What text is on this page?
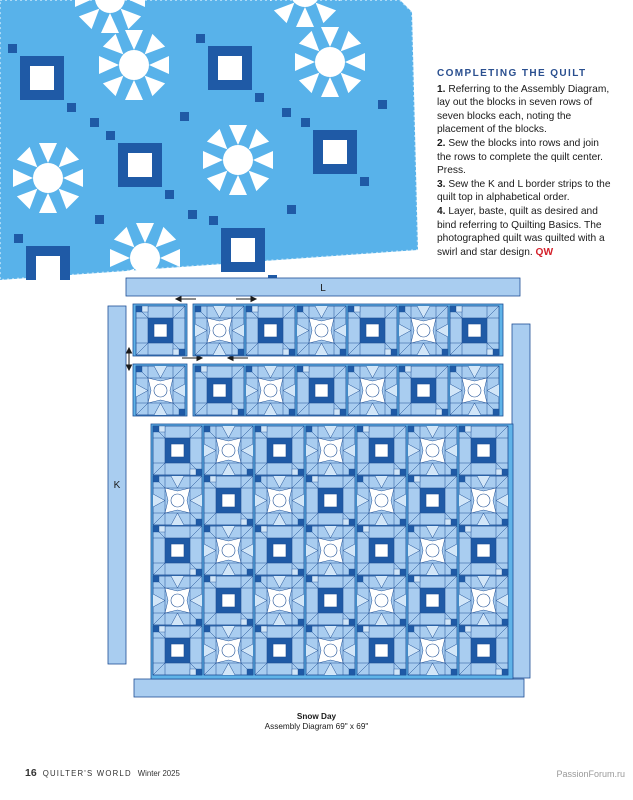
COMPLETING THE QUILT

1. Referring to the Assembly Diagram, lay out the blocks in seven rows of seven blocks each, noting the placement of the blocks.

2. Sew the blocks into rows and join the rows to complete the quilt center. Press.

3. Sew the K and L border strips to the quilt top in alphabetical order.

4. Layer, baste, quilt as desired and bind referring to Quilting Basics. The photographed quilt was quilted with a swirl and star design. QW

L
K
Snow Day
Assembly Diagram 69" x 69"
16 QUILTER'S WORLD Winter 2025	PassionForum.ru
